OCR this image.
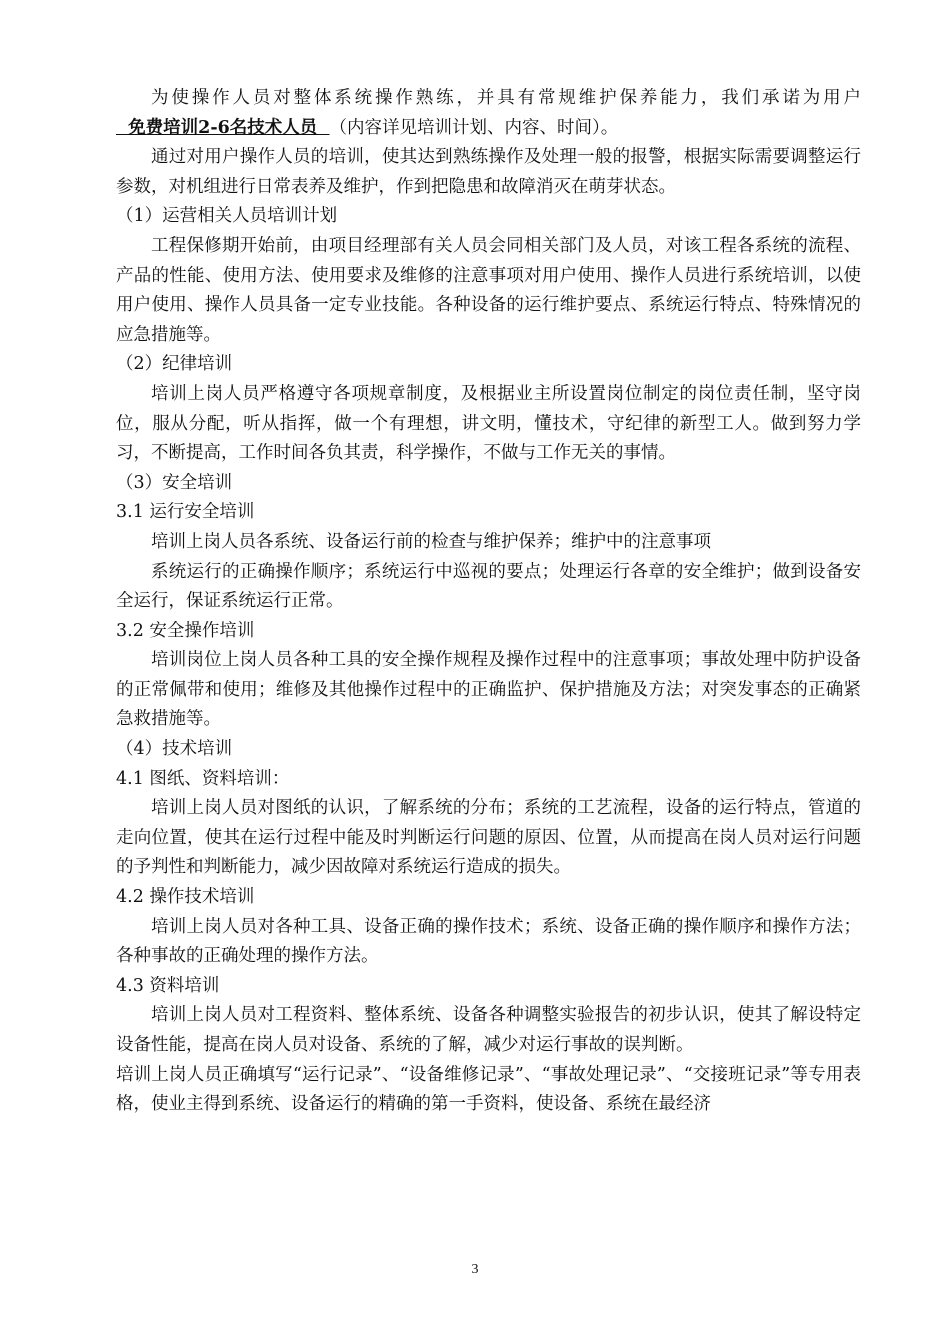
为使操作人员对整体系统操作熟练，并具有常规维护保养能力，我们承诺为用户  免费培训2-6名技术人员  （内容详见培训计划、内容、时间）。

通过对用户操作人员的培训，使其达到熟练操作及处理一般的报警，根据实际需要调整运行参数，对机组进行日常表养及维护，作到把隐患和故障消灭在萌芽状态。

（1）运营相关人员培训计划

工程保修期开始前，由项目经理部有关人员会同相关部门及人员，对该工程各系统的流程、产品的性能、使用方法、使用要求及维修的注意事项对用户使用、操作人员进行系统培训，以使用户使用、操作人员具备一定专业技能。各种设备的运行维护要点、系统运行特点、特殊情况的应急措施等。

（2）纪律培训

培训上岗人员严格遵守各项规章制度，及根据业主所设置岗位制定的岗位责任制，坚守岗位，服从分配，听从指挥，做一个有理想，讲文明，懂技术，守纪律的新型工人。做到努力学习，不断提高，工作时间各负其责，科学操作，不做与工作无关的事情。

（3）安全培训

3.1 运行安全培训

培训上岗人员各系统、设备运行前的检查与维护保养；维护中的注意事项

系统运行的正确操作顺序；系统运行中巡视的要点；处理运行各章的安全维护；做到设备安全运行，保证系统运行正常。

3.2 安全操作培训

培训岗位上岗人员各种工具的安全操作规程及操作过程中的注意事项；事故处理中防护设备的正常佩带和使用；维修及其他操作过程中的正确监护、保护措施及方法；对突发事态的正确紧急救措施等。

（4）技术培训

4.1 图纸、资料培训：

培训上岗人员对图纸的认识，了解系统的分布；系统的工艺流程，设备的运行特点，管道的走向位置，使其在运行过程中能及时判断运行问题的原因、位置，从而提高在岗人员对运行问题的予判性和判断能力，减少因故障对系统运行造成的损失。

4.2 操作技术培训

培训上岗人员对各种工具、设备正确的操作技术；系统、设备正确的操作顺序和操作方法；各种事故的正确处理的操作方法。

4.3 资料培训

培训上岗人员对工程资料、整体系统、设备各种调整实验报告的初步认识，使其了解设特定设备性能，提高在岗人员对设备、系统的了解，减少对运行事故的误判断。

培训上岗人员正确填写“运行记录”、“设备维修记录”、“事故处理记录”、“交接班记录”等专用表格，使业主得到系统、设备运行的精确的第一手资料，使设备、系统在最经济

3
